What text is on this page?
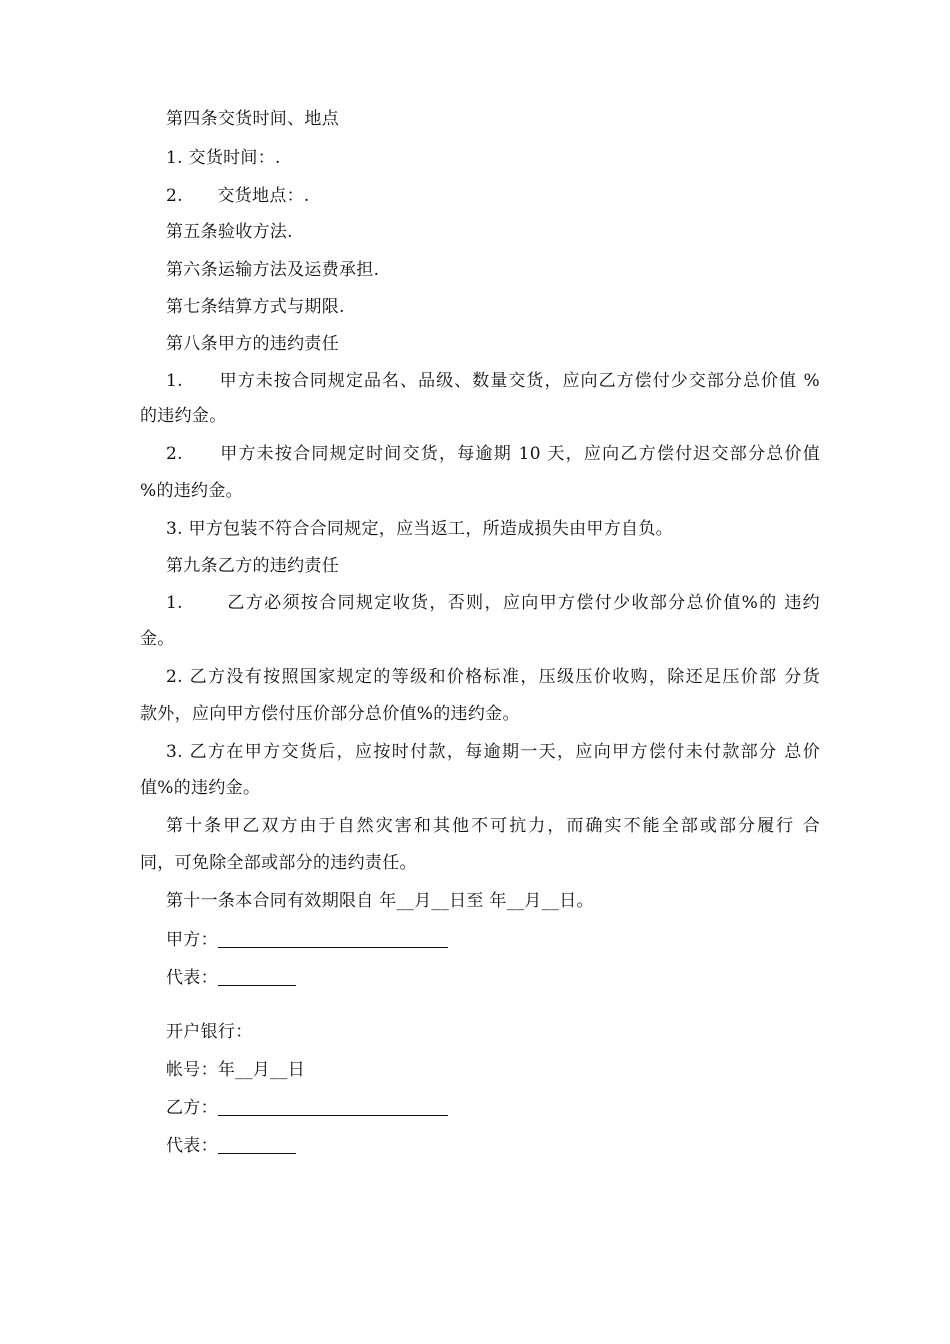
第四条交货时间、地点
1. 交货时间：.
2.　　交货地点：.
第五条验收方法.
第六条运输方法及运费承担.
第七条结算方式与期限.
第八条甲方的违约责任
1.　　甲方未按合同规定品名、品级、数量交货，应向乙方偿付少交部分总价值 %
的违约金。
2.　　甲方未按合同规定时间交货，每逾期 10 天，应向乙方偿付迟交部分总价值
%的违约金。
3. 甲方包装不符合合同规定，应当返工，所造成损失由甲方自负。
第九条乙方的违约责任
1.　　 乙方必须按合同规定收货，否则，应向甲方偿付少收部分总价值%的 违约
金。
2. 乙方没有按照国家规定的等级和价格标准，压级压价收购，除还足压价部 分货
款外，应向甲方偿付压价部分总价值%的违约金。
3. 乙方在甲方交货后，应按时付款，每逾期一天，应向甲方偿付未付款部分 总价
值%的违约金。
第十条甲乙双方由于自然灾害和其他不可抗力，而确实不能全部或部分履行 合
同，可免除全部或部分的违约责任。
第十一条本合同有效期限自 年__月__日至 年__月__日。
甲方：
代表：
开户银行：
帐号：年__月__日
乙方：
代表：
